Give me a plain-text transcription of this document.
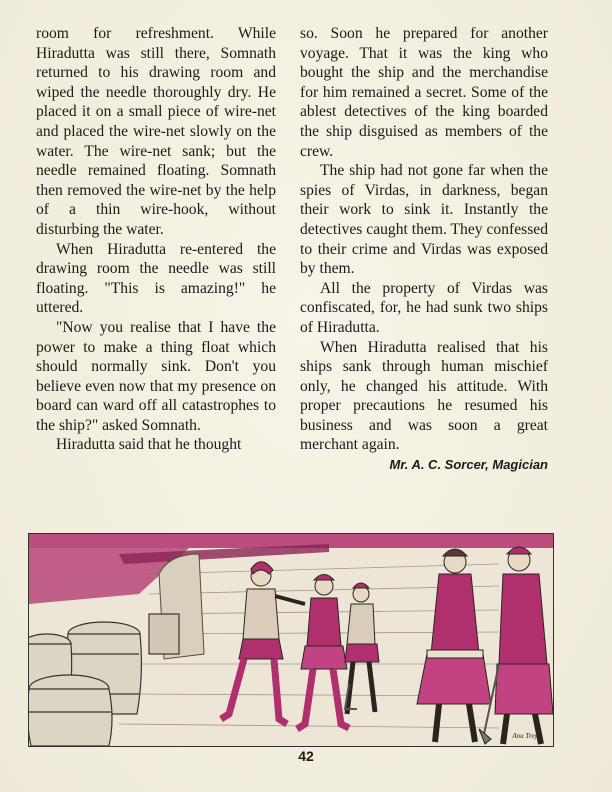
room for refreshment. While Hiradutta was still there, Somnath returned to his drawing room and wiped the needle thoroughly dry. He placed it on a small piece of wire-net and placed the wire-net slowly on the water. The wire-net sank; but the needle remained floating. Somnath then removed the wire-net by the help of a thin wire-hook, without disturbing the water.

When Hiradutta re-entered the drawing room the needle was still floating. "This is amazing!" he uttered.

"Now you realise that I have the power to make a thing float which should normally sink. Don't you believe even now that my presence on board can ward off all catastrophes to the ship?" asked Somnath.

Hiradutta said that he thought

so. Soon he prepared for another voyage. That it was the king who bought the ship and the merchandise for him remained a secret. Some of the ablest detectives of the king boarded the ship disguised as members of the crew.

The ship had not gone far when the spies of Virdas, in darkness, began their work to sink it. Instantly the detectives caught them. They confessed to their crime and Virdas was exposed by them.

All the property of Virdas was confiscated, for, he had sunk two ships of Hiradutta.

When Hiradutta realised that his ships sank through human mischief only, he changed his attitude. With proper precautions he resumed his business and was soon a great merchant again.

Mr. A. C. Sorcer, Magician

Anu Trey
42
